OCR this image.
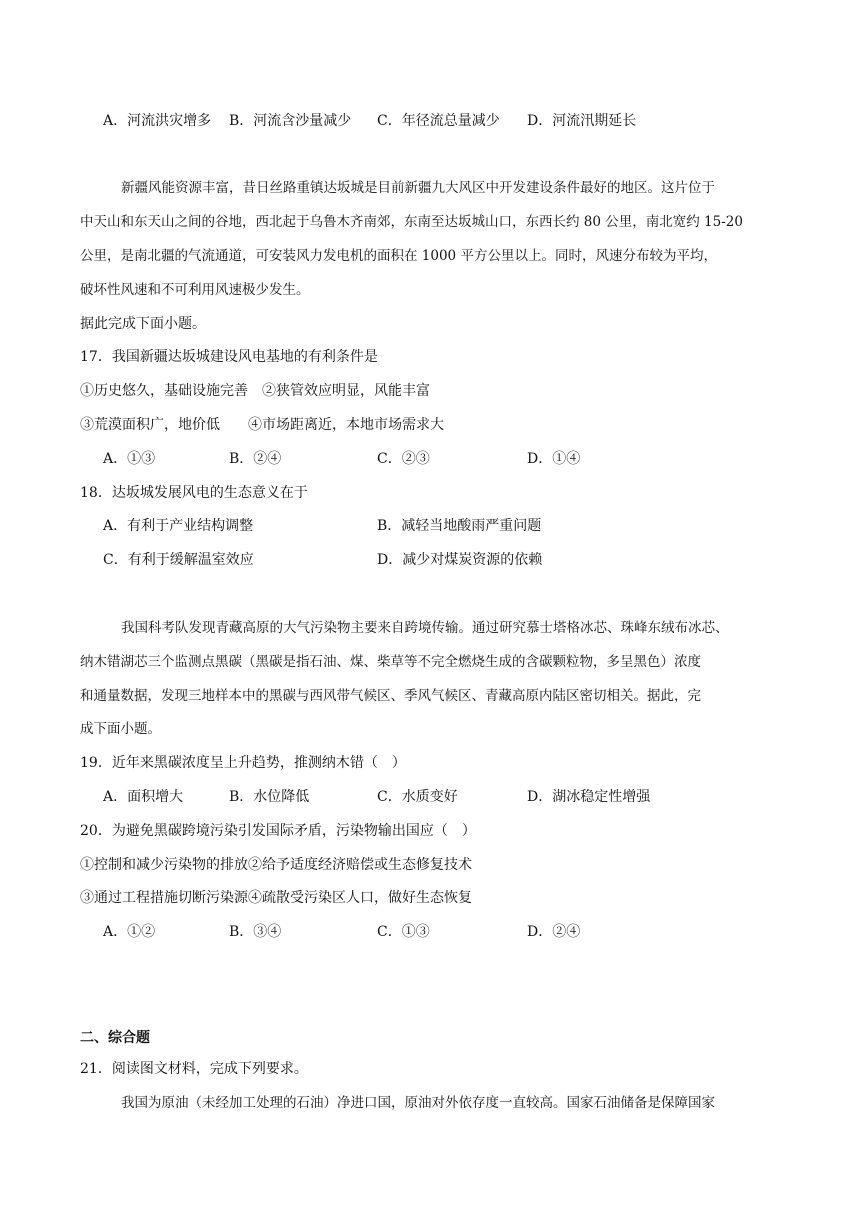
A．河流洪灾增多 B．河流含沙量减少 C．年径流总量减少 D．河流汛期延长
新疆风能资源丰富，昔日丝路重镇达坂城是目前新疆九大风区中开发建设条件最好的地区。这片位于
中天山和东天山之间的谷地，西北起于乌鲁木齐南郊，东南至达坂城山口，东西长约 80 公里，南北宽约 15-20
公里，是南北疆的气流通道，可安装风力发电机的面积在 1000 平方公里以上。同时，风速分布较为平均，
破坏性风速和不可利用风速极少发生。
据此完成下面小题。
17．我国新疆达坂城建设风电基地的有利条件是
①历史悠久，基础设施完善　②狭管效应明显，风能丰富
③荒漠面积广，地价低　　④市场距离近，本地市场需求大
A．①③	B．②④	C．②③	D．①④
18．达坂城发展风电的生态意义在于
A．有利于产业结构调整	B．减轻当地酸雨严重问题
C．有利于缓解温室效应	D．减少对煤炭资源的依赖
我国科考队发现青藏高原的大气污染物主要来自跨境传输。通过研究慕士塔格冰芯、珠峰东绒布冰芯、
纳木错湖芯三个监测点黑碳（黑碳是指石油、煤、柴草等不完全燃烧生成的含碳颗粒物，多呈黑色）浓度
和通量数据，发现三地样本中的黑碳与西风带气候区、季风气候区、青藏高原内陆区密切相关。据此，完
成下面小题。
19．近年来黑碳浓度呈上升趋势，推测纳木错（　）
A．面积增大	B．水位降低	C．水质变好	D．湖冰稳定性增强
20．为避免黑碳跨境污染引发国际矛盾，污染物输出国应（　）
①控制和减少污染物的排放②给予适度经济赔偿或生态修复技术
③通过工程措施切断污染源④疏散受污染区人口，做好生态恢复
A．①②	B．③④	C．①③	D．②④
二、综合题
21．阅读图文材料，完成下列要求。
我国为原油（未经加工处理的石油）净进口国，原油对外依存度一直较高。国家石油储备是保障国家
